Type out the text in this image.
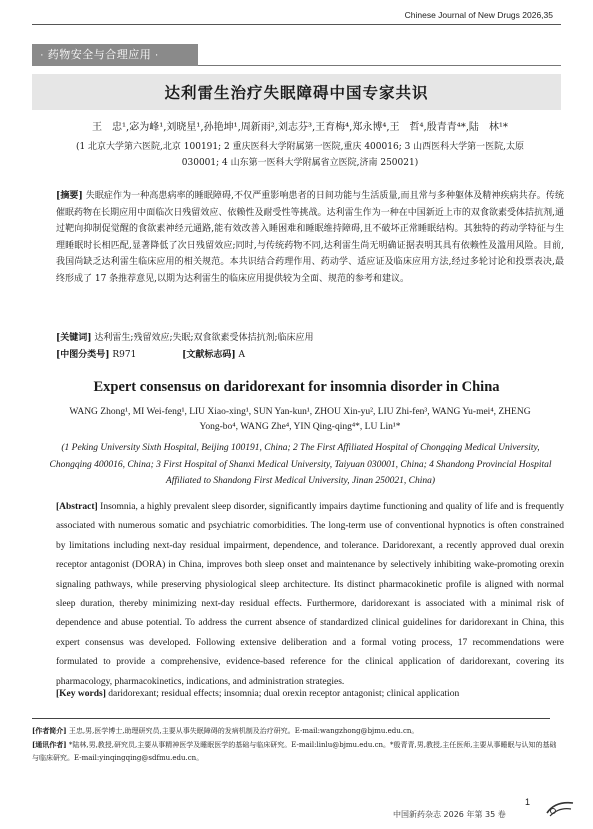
Chinese Journal of New Drugs 2026,35
· 药物安全与合理应用 ·
达利雷生治疗失眠障碍中国专家共识
王　忠¹,宓为峰¹,刘晓星¹,孙艳坤¹,周新雨²,刘志芬³,王育梅⁴,郑永博⁴,王　哲⁴,殷青青⁴*,陆　林¹*
(1 北京大学第六医院,北京 100191; 2 重庆医科大学附属第一医院,重庆 400016; 3 山西医科大学第一医院,太原 030001; 4 山东第一医科大学附属省立医院,济南 250021)
[摘要] 失眠症作为一种高患病率的睡眠障碍,不仅严重影响患者的日间功能与生活质量,而且常与多种躯体及精神疾病共存。传统催眠药物在长期应用中面临次日残留效应、依赖性及耐受性等挑战。达利雷生作为一种在中国新近上市的双食欲素受体拮抗剂,通过靶向抑制促觉醒的食欲素神经元通路,能有效改善入睡困难和睡眠维持障碍,且不破坏正常睡眠结构。其独特的药动学特征与生理睡眠时长相匹配,显著降低了次日残留效应;同时,与传统药物不同,达利雷生尚无明确证据表明其具有依赖性及滥用风险。目前,我国尚缺乏达利雷生临床应用的相关规范。本共识结合药理作用、药动学、适应证及临床应用方法,经过多轮讨论和投票表决,最终形成了 17 条推荐意见,以期为达利雷生的临床应用提供较为全面、规范的参考和建议。
[关键词] 达利雷生;残留效应;失眠;双食欲素受体拮抗剂;临床应用
[中图分类号] R971	[文献标志码] A
Expert consensus on daridorexant for insomnia disorder in China
WANG Zhong¹, MI Wei-feng¹, LIU Xiao-xing¹, SUN Yan-kun¹, ZHOU Xin-yu², LIU Zhi-fen³, WANG Yu-mei⁴, ZHENG Yong-bo⁴, WANG Zhe⁴, YIN Qing-qing⁴*, LU Lin¹*
(1 Peking University Sixth Hospital, Beijing 100191, China; 2 The First Affiliated Hospital of Chongqing Medical University, Chongqing 400016, China; 3 First Hospital of Shanxi Medical University, Taiyuan 030001, China; 4 Shandong Provincial Hospital Affiliated to Shandong First Medical University, Jinan 250021, China)
[Abstract] Insomnia, a highly prevalent sleep disorder, significantly impairs daytime functioning and quality of life and is frequently associated with numerous somatic and psychiatric comorbidities. The long-term use of conventional hypnotics is often constrained by limitations including next-day residual impairment, dependence, and tolerance. Daridorexant, a recently approved dual orexin receptor antagonist (DORA) in China, improves both sleep onset and maintenance by selectively inhibiting wake-promoting orexin signaling pathways, while preserving physiological sleep architecture. Its distinct pharmacokinetic profile is aligned with normal sleep duration, thereby minimizing next-day residual effects. Furthermore, daridorexant is associated with a minimal risk of dependence and abuse potential. To address the current absence of standardized clinical guidelines for daridorexant in China, this expert consensus was developed. Following extensive deliberation and a formal voting process, 17 recommendations were formulated to provide a comprehensive, evidence-based reference for the clinical application of daridorexant, covering its pharmacology, pharmacokinetics, indications, and administration strategies.
[Key words] daridorexant; residual effects; insomnia; dual orexin receptor antagonist; clinical application
[作者简介] 王忠,男,医学博士,助理研究员,主要从事失眠障碍的发病机制及治疗研究。E-mail:wangzhong@bjmu.edu.cn。
[通讯作者] *陆林,男,教授,研究员,主要从事精神医学及睡眠医学的基础与临床研究。E-mail:linlu@bjmu.edu.cn。*殷青青,男,教授,主任医师,主要从事睡眠与认知的基础与临床研究。E-mail:yinqingqing@sdfmu.edu.cn。
1
中国新药杂志 2026 年第 35 卷
